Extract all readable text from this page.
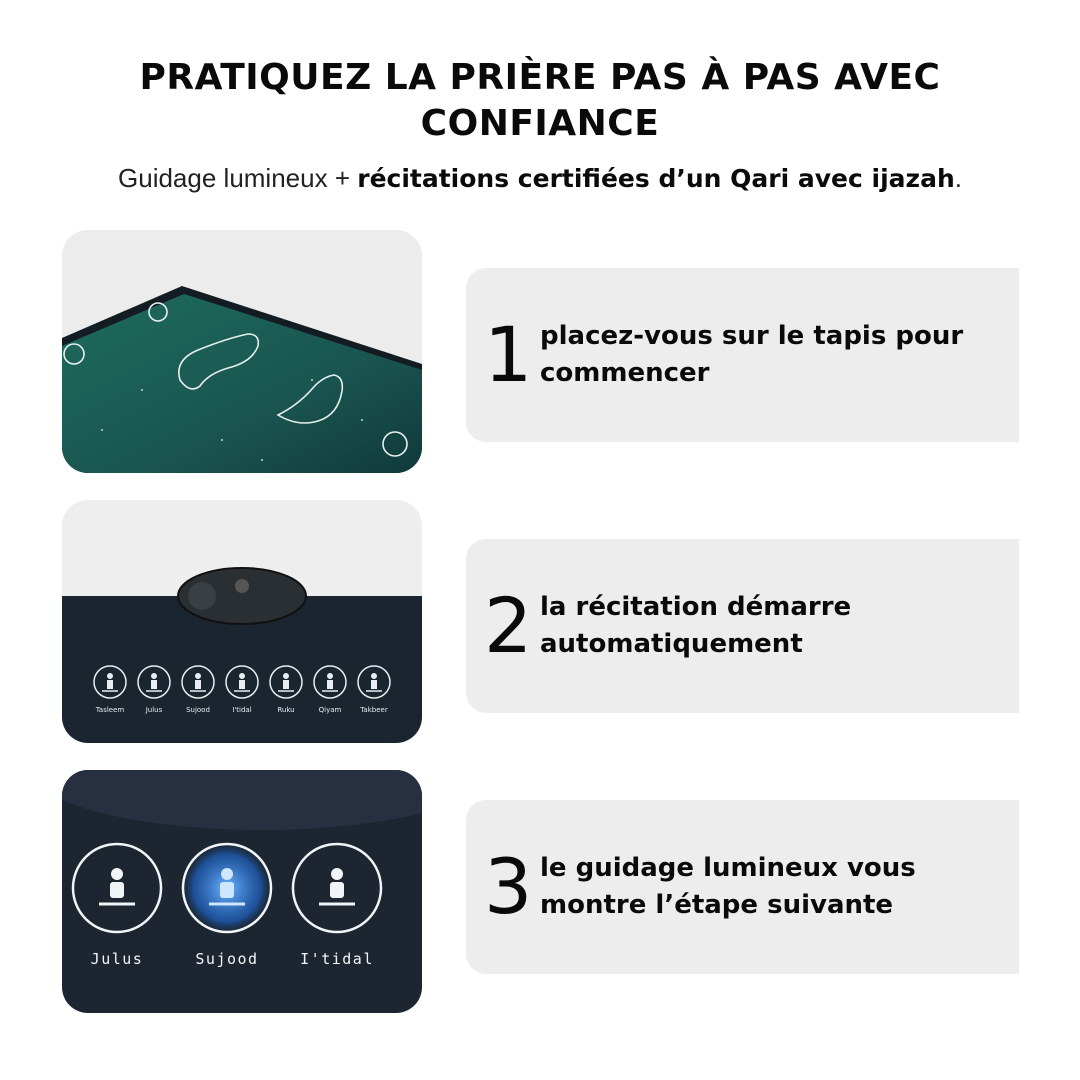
PRATIQUEZ LA PRIÈRE PAS À PAS AVEC CONFIANCE
Guidage lumineux + récitations certifiées d’un Qari avec ijazah.
Tasleem	Julus	Sujood	I'tidal	Ruku	Qiyam	Takbeer
Julus	Sujood	I'tidal
1 placez-vous sur le tapis pour
commencer
2 la récitation démarre
automatiquement
3 le guidage lumineux vous
montre l’étape suivante
